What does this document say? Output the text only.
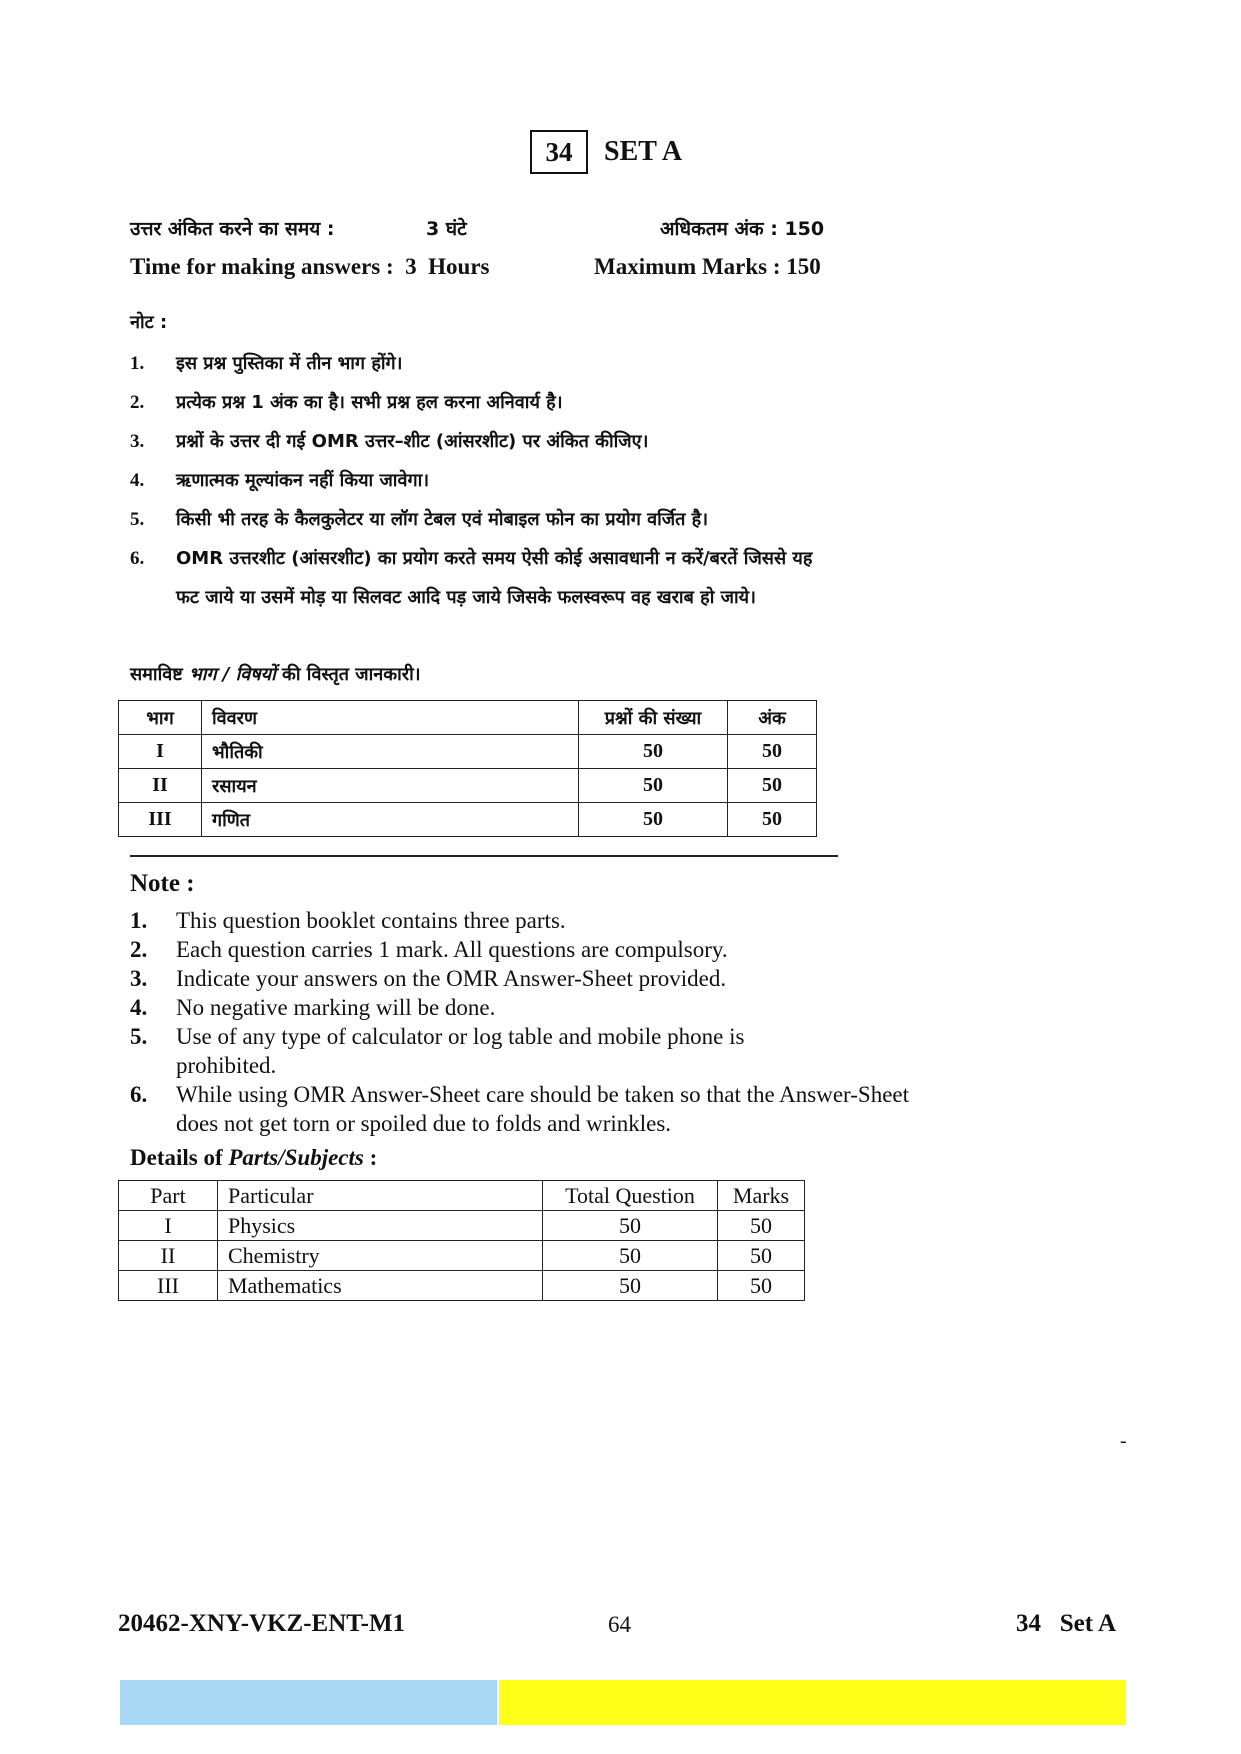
34	SET A
उत्तर अंकित करने का समय :	3 घंटे	अधिकतम अंक : 150
Time for making answers :  3  Hours	Maximum Marks : 150
नोट :
1.	इस प्रश्न पुस्तिका में तीन भाग होंगे।
2.	प्रत्येक प्रश्न 1 अंक का है। सभी प्रश्न हल करना अनिवार्य है।
3.	प्रश्नों के उत्तर दी गई OMR उत्तर–शीट (आंसरशीट) पर अंकित कीजिए।
4.	ऋणात्मक मूल्यांकन नहीं किया जावेगा।
5.	किसी भी तरह के कैलकुलेटर या लॉग टेबल एवं मोबाइल फोन का प्रयोग वर्जित है।
6.	OMR उत्तरशीट (आंसरशीट) का प्रयोग करते समय ऐसी कोई असावधानी न करें/बरतें जिससे यह फट जाये या उसमें मोड़ या सिलवट आदि पड़ जाये जिसके फलस्वरूप वह खराब हो जाये।
समाविष्ट भाग / विषयों की विस्तृत जानकारी।
भाग	विवरण	प्रश्नों की संख्या	अंक
I	भौतिकी	50	50
II	रसायन	50	50
III	गणित	50	50
Note :
1.	This question booklet contains three parts.
2.	Each question carries 1 mark. All questions are compulsory.
3.	Indicate your answers on the OMR Answer-Sheet provided.
4.	No negative marking will be done.
5.	Use of any type of calculator or log table and mobile phone is prohibited.
6.	While using OMR Answer-Sheet care should be taken so that the Answer-Sheet does not get torn or spoiled due to folds and wrinkles.
Details of Parts/Subjects :
Part	Particular	Total Question	Marks
I	Physics	50	50
II	Chemistry	50	50
III	Mathematics	50	50
-
20462-XNY-VKZ-ENT-M1	64	34   Set A
